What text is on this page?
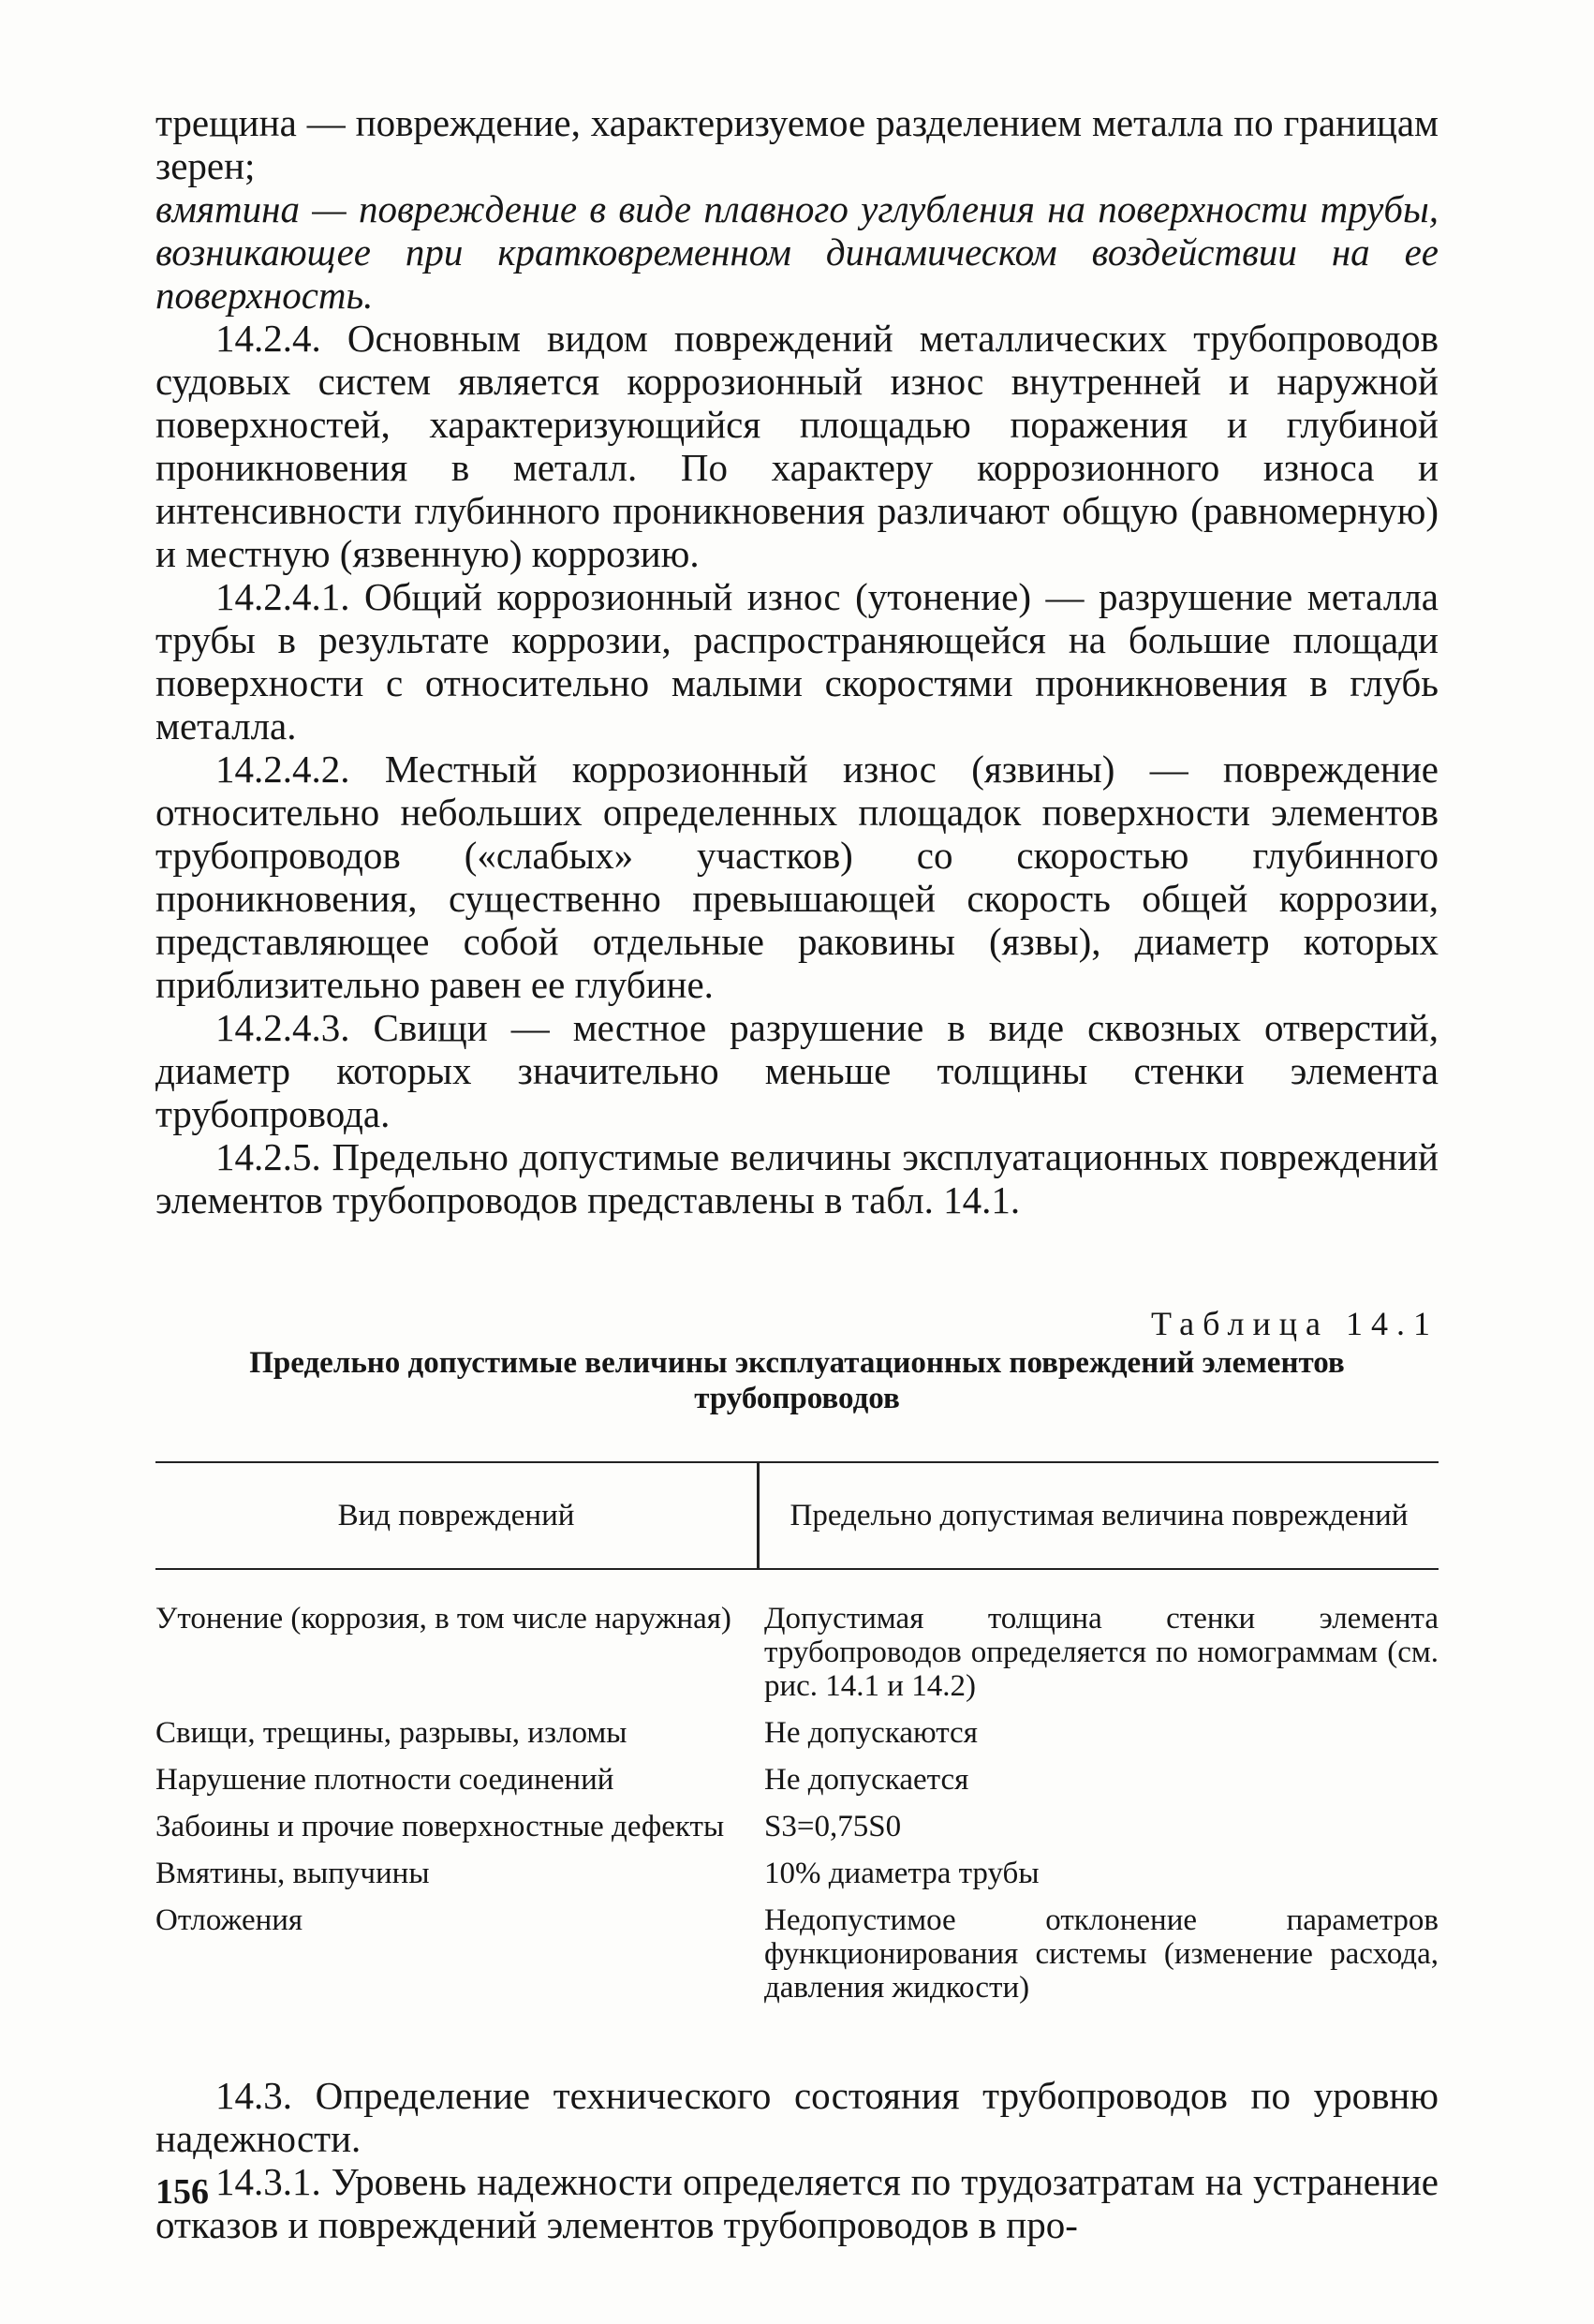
трещина — повреждение, характеризуемое разделением металла по границам зерен;

вмятина — повреждение в виде плавного углубления на поверхности трубы, возникающее при кратковременном динамическом воздействии на ее поверхность.

14.2.4. Основным видом повреждений металлических трубопроводов судовых систем является коррозионный износ внутренней и наружной поверхностей, характеризующийся площадью поражения и глубиной проникновения в металл. По характеру коррозионного износа и интенсивности глубинного проникновения различают общую (равномерную) и местную (язвенную) коррозию.

14.2.4.1. Общий коррозионный износ (утонение) — разрушение металла трубы в результате коррозии, распространяющейся на большие площади поверхности с относительно малыми скоростями проникновения в глубь металла.

14.2.4.2. Местный коррозионный износ (язвины) — повреждение относительно небольших определенных площадок поверхности элементов трубопроводов («слабых» участков) со скоростью глубинного проникновения, существенно превышающей скорость общей коррозии, представляющее собой отдельные раковины (язвы), диаметр которых приблизительно равен ее глубине.

14.2.4.3. Свищи — местное разрушение в виде сквозных отверстий, диаметр которых значительно меньше толщины стенки элемента трубопровода.

14.2.5. Предельно допустимые величины эксплуатационных повреждений элементов трубопроводов представлены в табл. 14.1.

Таблица 14.1
Предельно допустимые величины эксплуатационных повреждений элементов трубопроводов
Вид повреждений	Предельно допустимая величина повреждений
Утонение (коррозия, в том числе наружная)	Допустимая толщина стенки элемента трубопроводов определяется по номограммам (см. рис. 14.1 и 14.2)
Свищи, трещины, разрывы, изломы	Не допускаются
Нарушение плотности соединений	Не допускается
Забоины и прочие поверхностные дефекты	S3=0,75S0
Вмятины, выпучины	10% диаметра трубы
Отложения	Недопустимое отклонение параметров функционирования системы (изменение расхода, давления жидкости)

14.3. Определение технического состояния трубопроводов по уровню надежности.

14.3.1. Уровень надежности определяется по трудозатратам на устранение отказов и повреждений элементов трубопроводов в про-

156
